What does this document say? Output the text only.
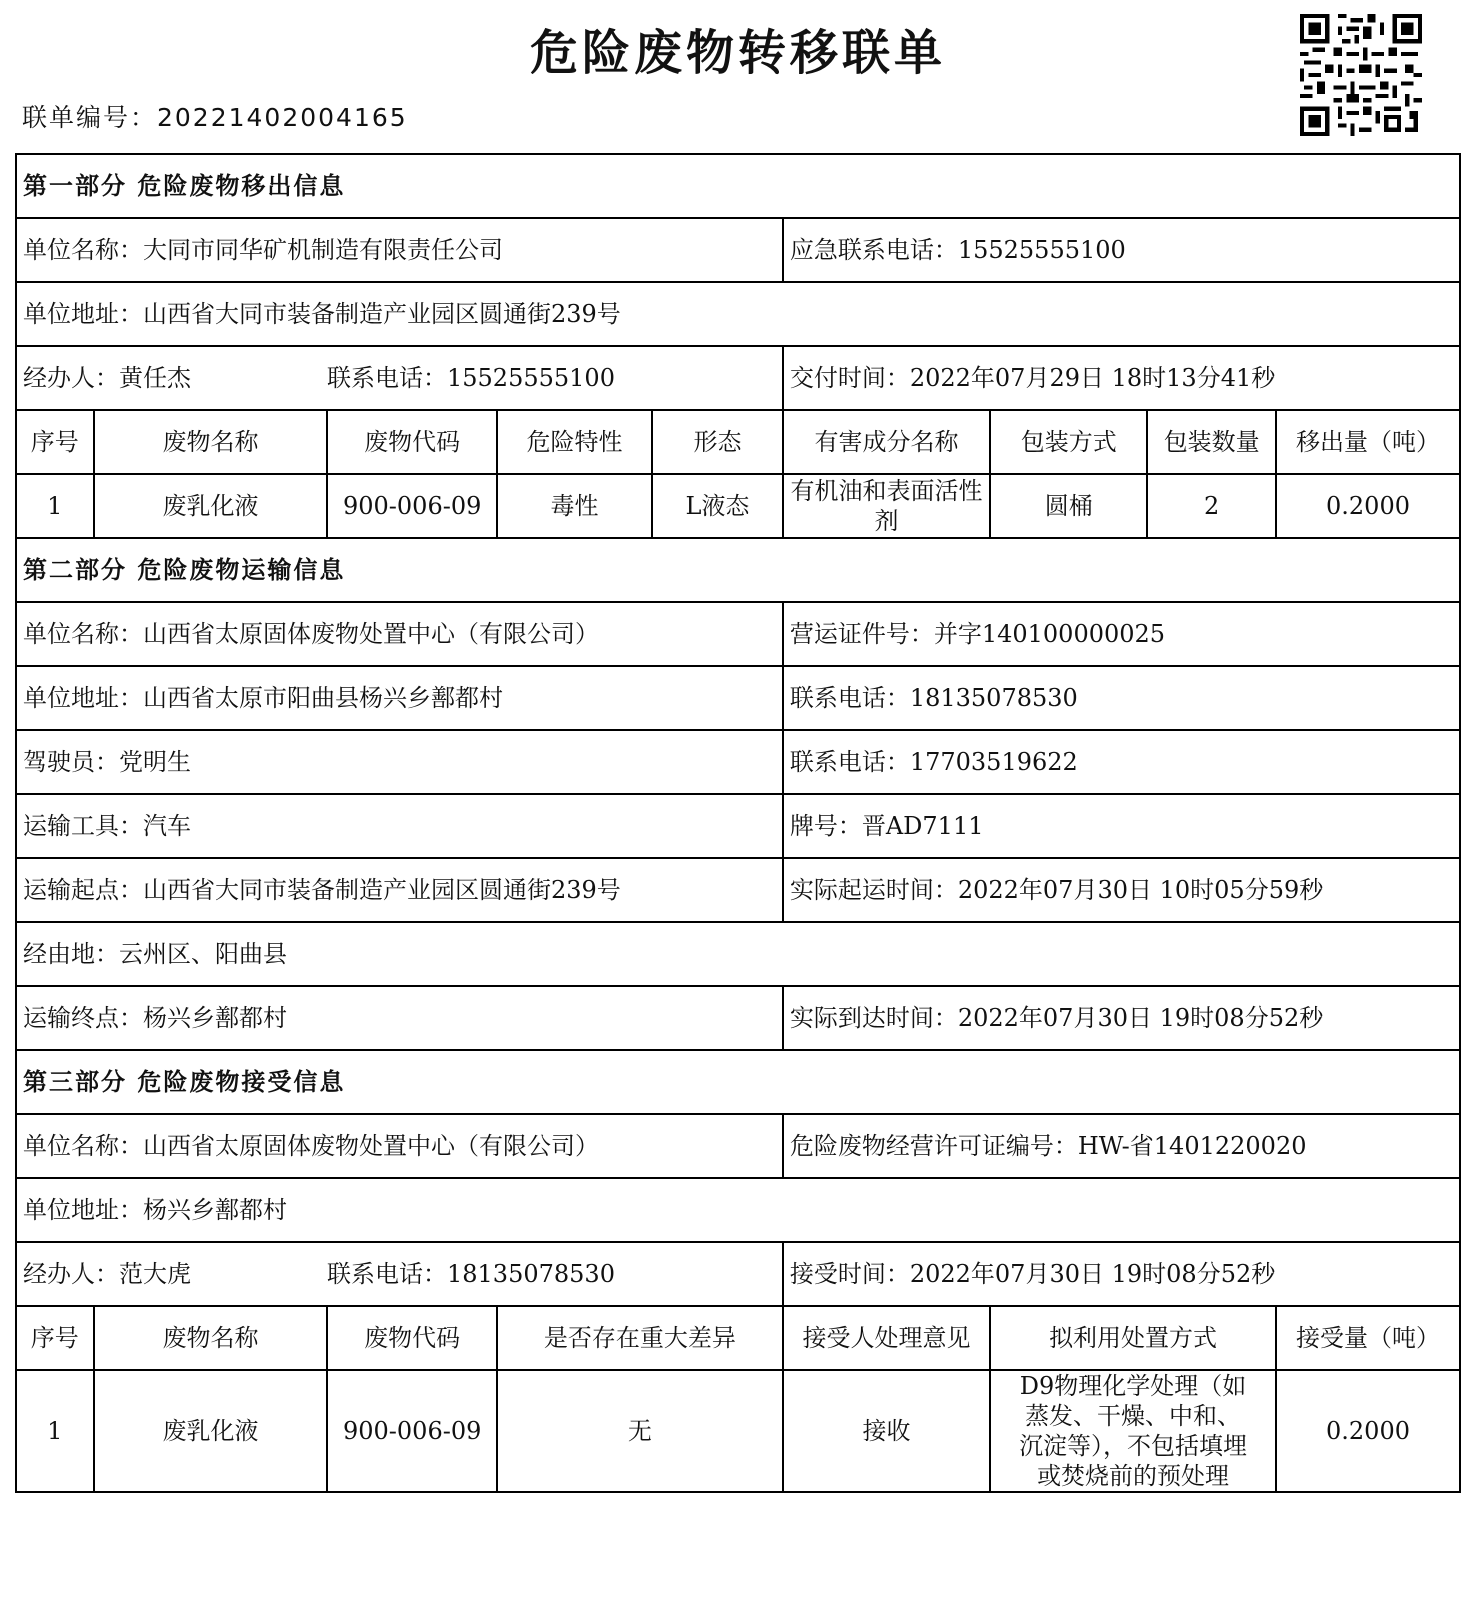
危险废物转移联单
联单编号：20221402004165
第一部分 危险废物移出信息								
单位名称：大同市同华矿机制造有限责任公司					应急联系电话：15525555100			
单位地址：山西省大同市装备制造产业园区圆通街239号								
经办人：黄任杰 联系电话：15525555100					交付时间：2022年07月29日 18时13分41秒			
序号	废物名称	废物代码	危险特性	形态	有害成分名称	包装方式	包装数量	移出量（吨）
1	废乳化液	900-006-09	毒性	L液态	有机油和表面活性剂	圆桶	2	0.2000
第二部分 危险废物运输信息								
单位名称：山西省太原固体废物处置中心（有限公司）					营运证件号：并字140100000025			
单位地址：山西省太原市阳曲县杨兴乡鄯都村					联系电话：18135078530			
驾驶员：党明生					联系电话：17703519622			
运输工具：汽车					牌号：晋AD7111			
运输起点：山西省大同市装备制造产业园区圆通街239号					实际起运时间：2022年07月30日 10时05分59秒			
经由地：云州区、阳曲县								
运输终点：杨兴乡鄯都村					实际到达时间：2022年07月30日 19时08分52秒			
第三部分 危险废物接受信息								
单位名称：山西省太原固体废物处置中心（有限公司）					危险废物经营许可证编号：HW-省1401220020			
单位地址：杨兴乡鄯都村								
经办人：范大虎 联系电话：18135078530					接受时间：2022年07月30日 19时08分52秒			
序号	废物名称	废物代码	是否存在重大差异		接受人处理意见	拟利用处置方式		接受量（吨）
1	废乳化液	900-006-09	无		接收	D9物理化学处理（如蒸发、干燥、中和、沉淀等），不包括填埋或焚烧前的预处理		0.2000
